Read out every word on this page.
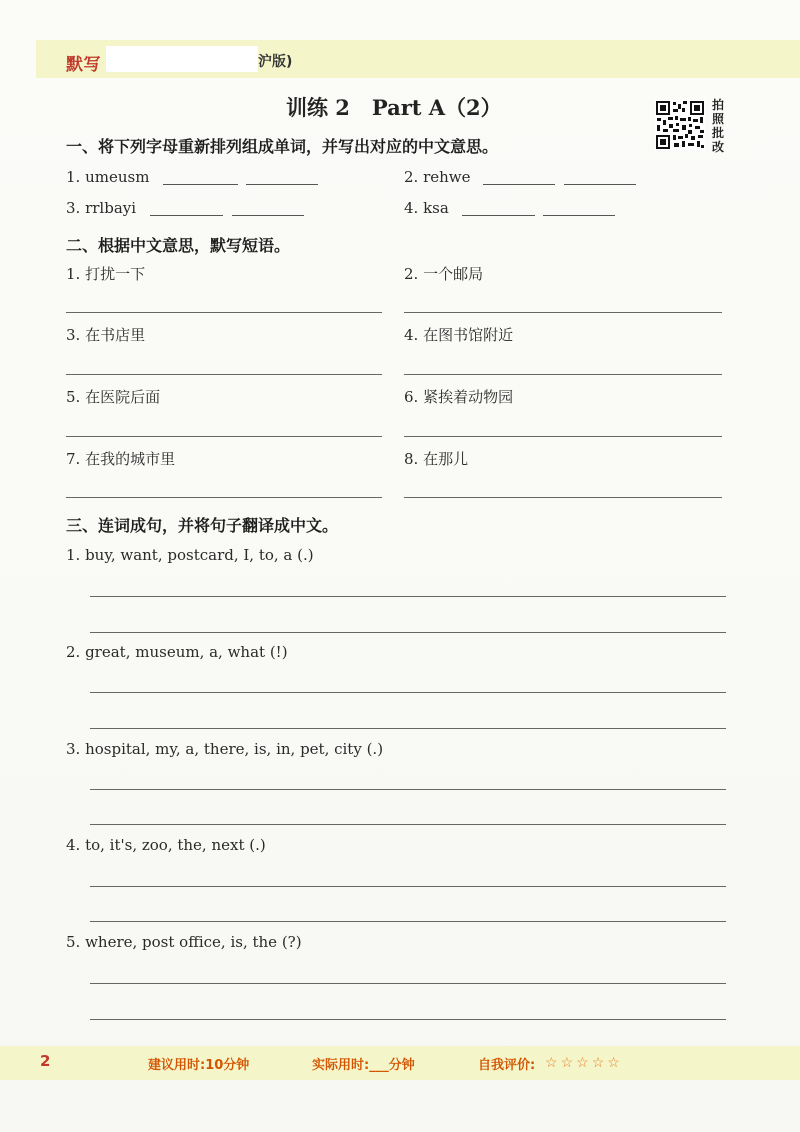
默写	沪版)
训练 2   Part A（2）	拍
照
批
改
一、将下列字母重新排列组成单词，并写出对应的中文意思。
1. umeusm	2. rehwe
3. rrlbayi	4. ksa
二、根据中文意思，默写短语。
1. 打扰一下	2. 一个邮局
3. 在书店里	4. 在图书馆附近
5. 在医院后面	6. 紧挨着动物园
7. 在我的城市里	8. 在那儿
三、连词成句，并将句子翻译成中文。
1. buy, want, postcard, I, to, a (.)
2. great, museum, a, what (!)
3. hospital, my, a, there, is, in, pet, city (.)
4. to, it's, zoo, the, next (.)
5. where, post office, is, the (?)
2	建议用时:10分钟	实际用时:___分钟	自我评价: ☆ ☆ ☆ ☆ ☆
